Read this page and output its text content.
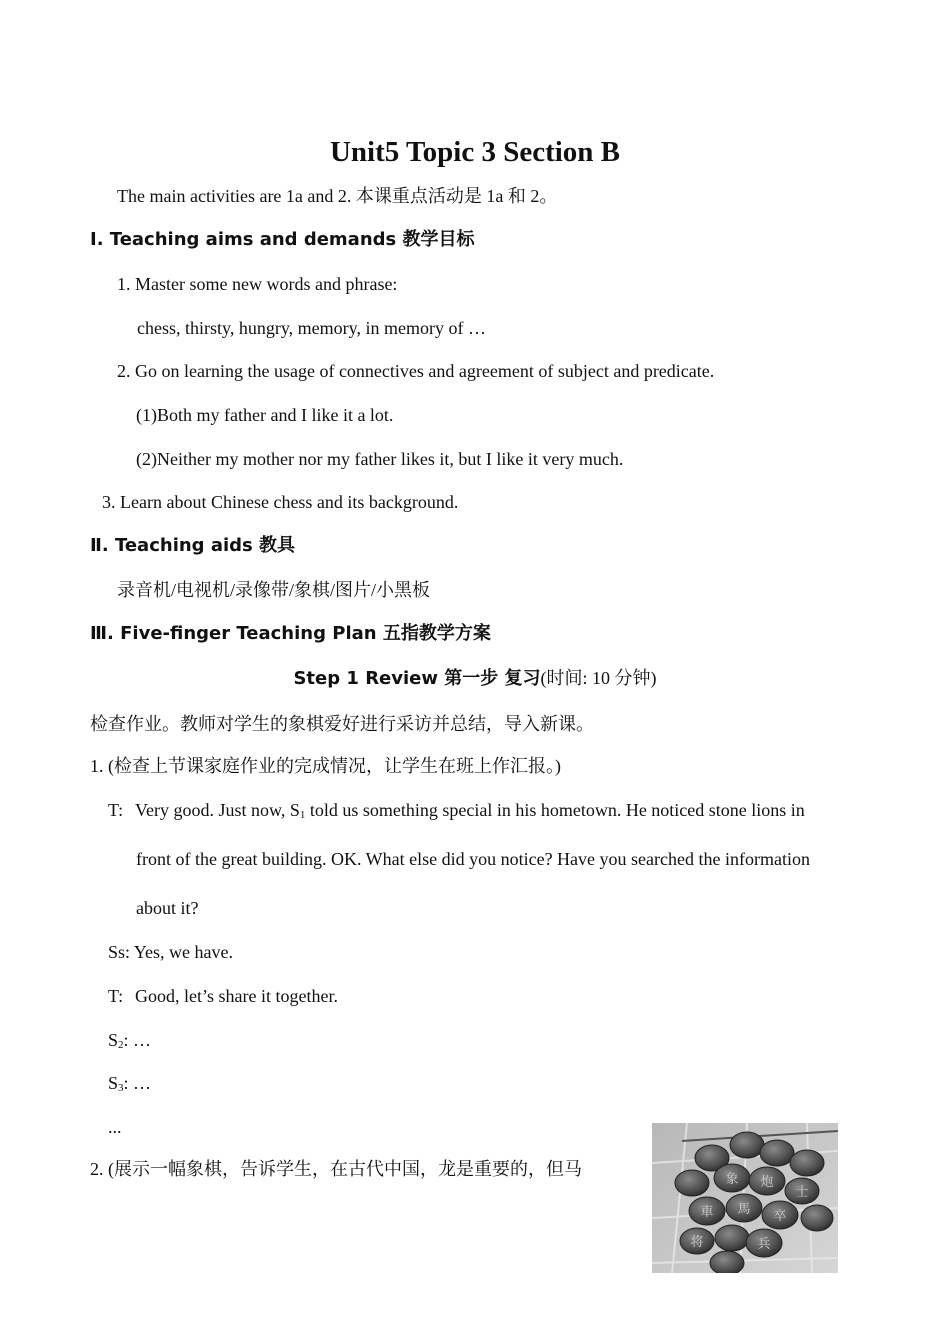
Unit5 Topic 3 Section B
The main activities are 1a and 2. 本课重点活动是 1a 和 2。
Ⅰ. Teaching aims and demands 教学目标
1. Master some new words and phrase:
chess, thirsty, hungry, memory, in memory of …
2. Go on learning the usage of connectives and agreement of subject and predicate.
(1)Both my father and I like it a lot.
(2)Neither my mother nor my father likes it, but I like it very much.
3. Learn about Chinese chess and its background.
Ⅱ. Teaching aids 教具
录音机/电视机/录像带/象棋/图片/小黑板
Ⅲ. Five-finger Teaching Plan 五指教学方案
Step 1 Review 第一步 复习(时间: 10 分钟)
检查作业。教师对学生的象棋爱好进行采访并总结，导入新课。
1. (检查上节课家庭作业的完成情况，让学生在班上作汇报。)
T: Very good. Just now, $S_1$ told us something special in his hometown. He noticed stone lions in
front of the great building. OK. What else did you notice? Have you searched the information
about it?
Ss: Yes, we have.
T: Good, let’s share it together.
$S_2$: …
$S_3$: …
...
2. (展示一幅象棋，告诉学生，在古代中国，龙是重要的，但马
象 炮
車 馬 卒
兵
将
士
